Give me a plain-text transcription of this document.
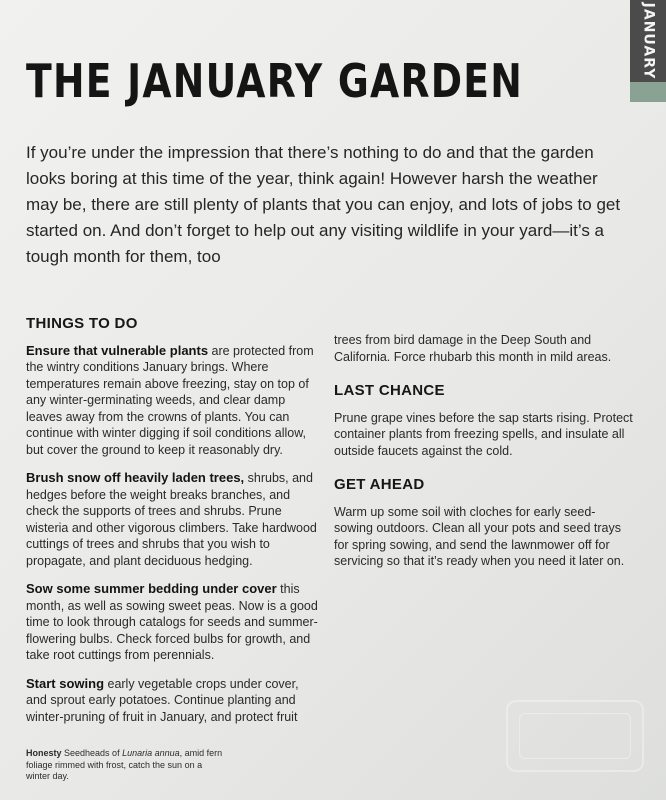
JANUARY
THE JANUARY GARDEN

If you’re under the impression that there’s nothing to do and that the garden looks boring at this time of the year, think again! However harsh the weather may be, there are still plenty of plants that you can enjoy, and lots of jobs to get started on. And don’t forget to help out any visiting wildlife in your yard—it’s a tough month for them, too

THINGS TO DO

Ensure that vulnerable plants are protected from the wintry conditions January brings. Where temperatures remain above freezing, stay on top of any winter-germinating weeds, and clear damp leaves away from the crowns of plants. You can continue with winter digging if soil conditions allow, but cover the ground to keep it reasonably dry.

Brush snow off heavily laden trees, shrubs, and hedges before the weight breaks branches, and check the supports of trees and shrubs. Prune wisteria and other vigorous climbers. Take hardwood cuttings of trees and shrubs that you wish to propagate, and plant deciduous hedging.

Sow some summer bedding under cover this month, as well as sowing sweet peas. Now is a good time to look through catalogs for seeds and summer-flowering bulbs. Check forced bulbs for growth, and take root cuttings from perennials.

Start sowing early vegetable crops under cover, and sprout early potatoes. Continue planting and winter-pruning of fruit in January, and protect fruit

trees from bird damage in the Deep South and California. Force rhubarb this month in mild areas.

LAST CHANCE

Prune grape vines before the sap starts rising. Protect container plants from freezing spells, and insulate all outside faucets against the cold.

GET AHEAD

Warm up some soil with cloches for early seed-sowing outdoors. Clean all your pots and seed trays for spring sowing, and send the lawnmower off for servicing so that it’s ready when you need it later on.

Honesty Seedheads of Lunaria annua, amid fern foliage rimmed with frost, catch the sun on a winter day.
